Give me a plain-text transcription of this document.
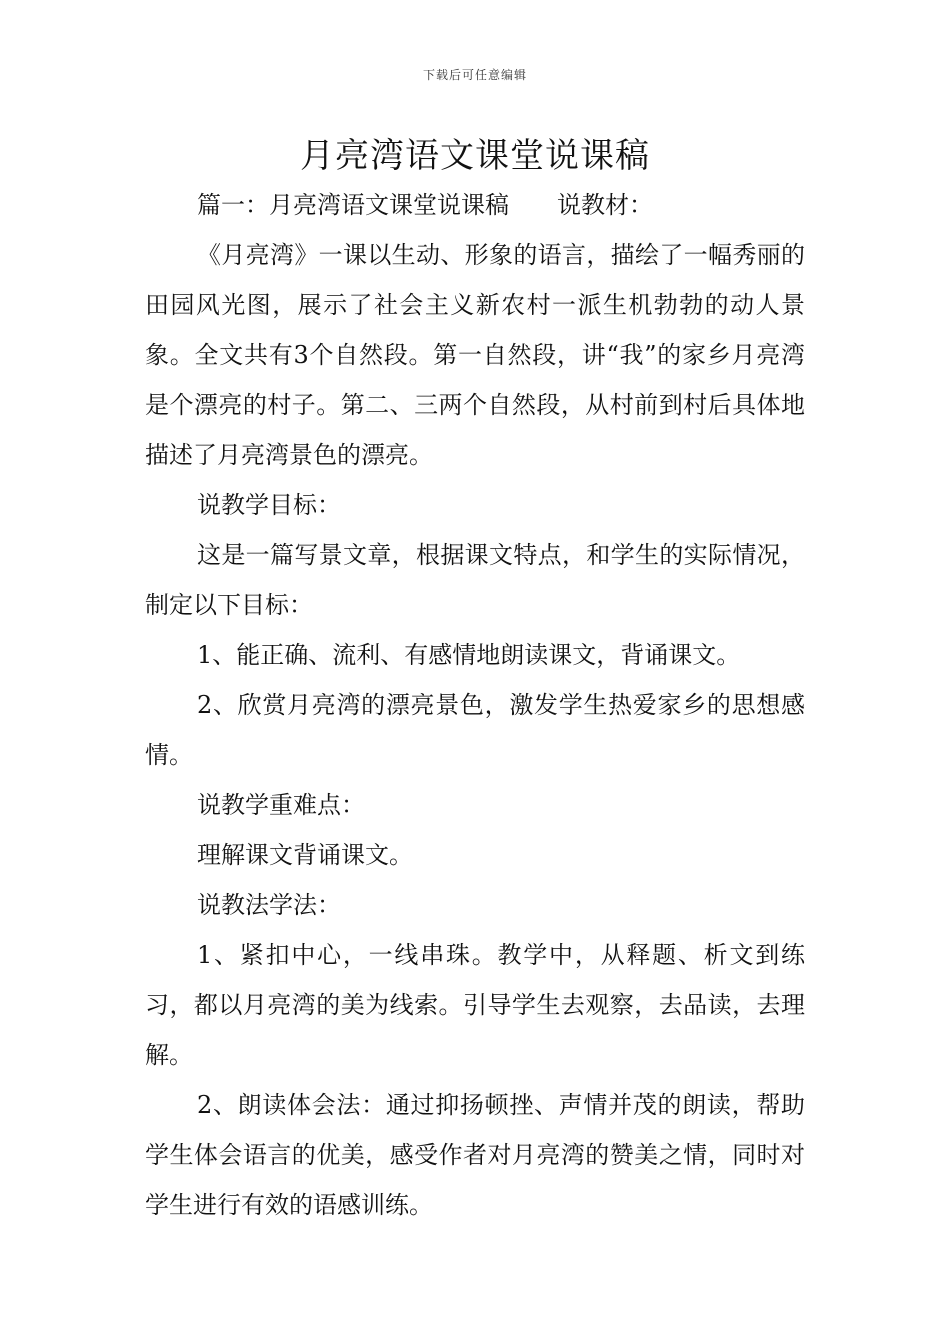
下载后可任意编辑
月亮湾语文课堂说课稿

篇一：月亮湾语文课堂说课稿　　说教材：

《月亮湾》一课以生动、形象的语言，描绘了一幅秀丽的田园风光图，展示了社会主义新农村一派生机勃勃的动人景象。全文共有3个自然段。第一自然段，讲“我”的家乡月亮湾是个漂亮的村子。第二、三两个自然段，从村前到村后具体地描述了月亮湾景色的漂亮。

说教学目标：

这是一篇写景文章，根据课文特点，和学生的实际情况，制定以下目标：

1、能正确、流利、有感情地朗读课文，背诵课文。

2、欣赏月亮湾的漂亮景色，激发学生热爱家乡的思想感情。

说教学重难点：

理解课文背诵课文。

说教法学法：

1、紧扣中心，一线串珠。教学中，从释题、析文到练习，都以月亮湾的美为线索。引导学生去观察，去品读，去理解。

2、朗读体会法：通过抑扬顿挫、声情并茂的朗读，帮助学生体会语言的优美，感受作者对月亮湾的赞美之情，同时对学生进行有效的语感训练。
